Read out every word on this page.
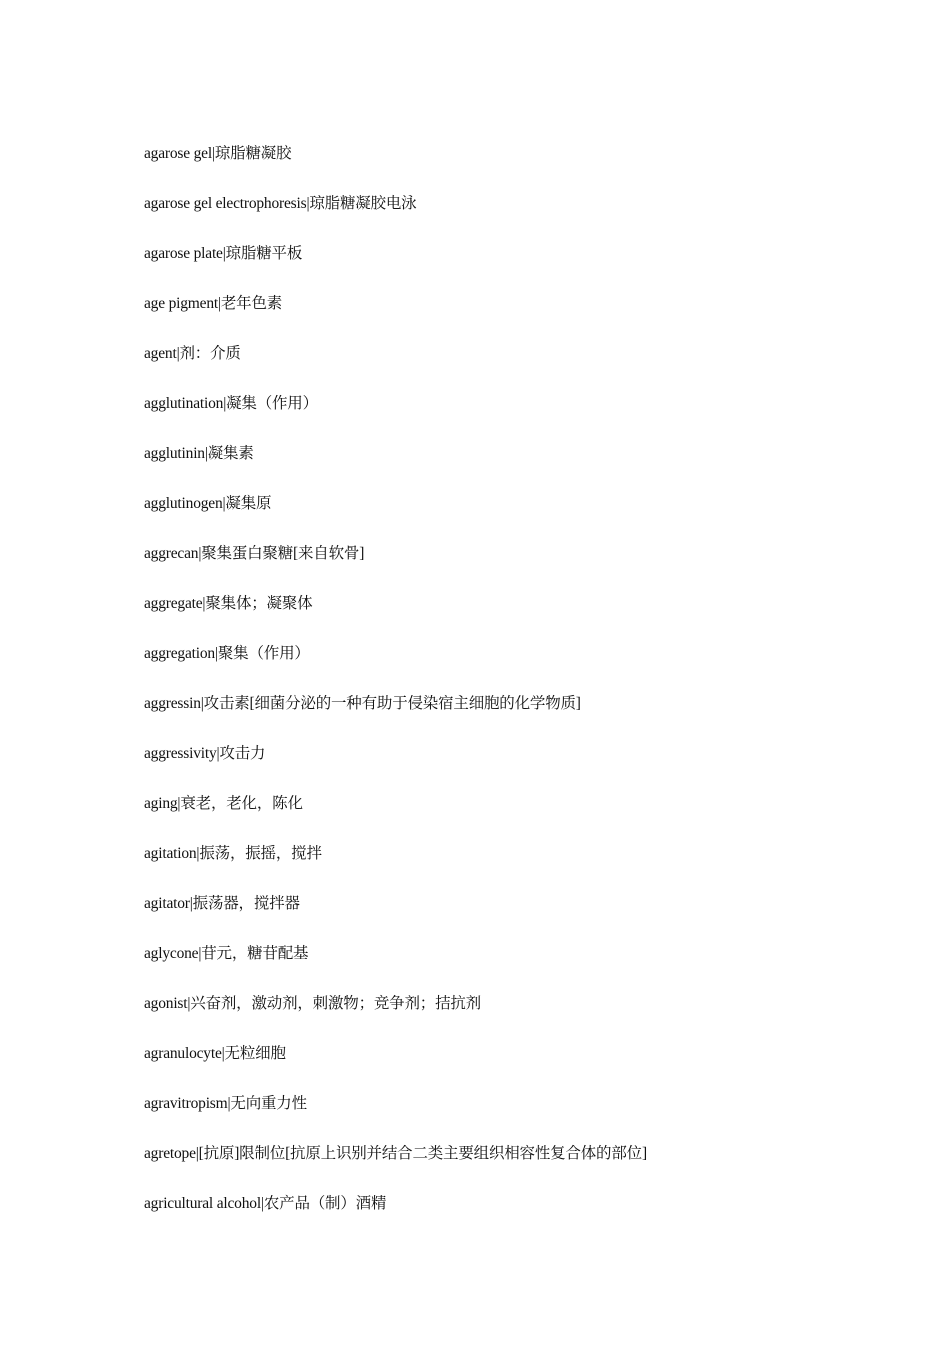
agarose gel|琼脂糖凝胶
agarose gel electrophoresis|琼脂糖凝胶电泳
agarose plate|琼脂糖平板
age pigment|老年色素
agent|剂：介质
agglutination|凝集（作用）
agglutinin|凝集素
agglutinogen|凝集原
aggrecan|聚集蛋白聚糖[来自软骨]
aggregate|聚集体；凝聚体
aggregation|聚集（作用）
aggressin|攻击素[细菌分泌的一种有助于侵染宿主细胞的化学物质]
aggressivity|攻击力
aging|衰老，老化，陈化
agitation|振荡，振摇，搅拌
agitator|振荡器，搅拌器
aglycone|苷元，糖苷配基
agonist|兴奋剂，激动剂，刺激物；竞争剂；拮抗剂
agranulocyte|无粒细胞
agravitropism|无向重力性
agretope|[抗原]限制位[抗原上识别并结合二类主要组织相容性复合体的部位]
agricultural alcohol|农产品（制）酒精
